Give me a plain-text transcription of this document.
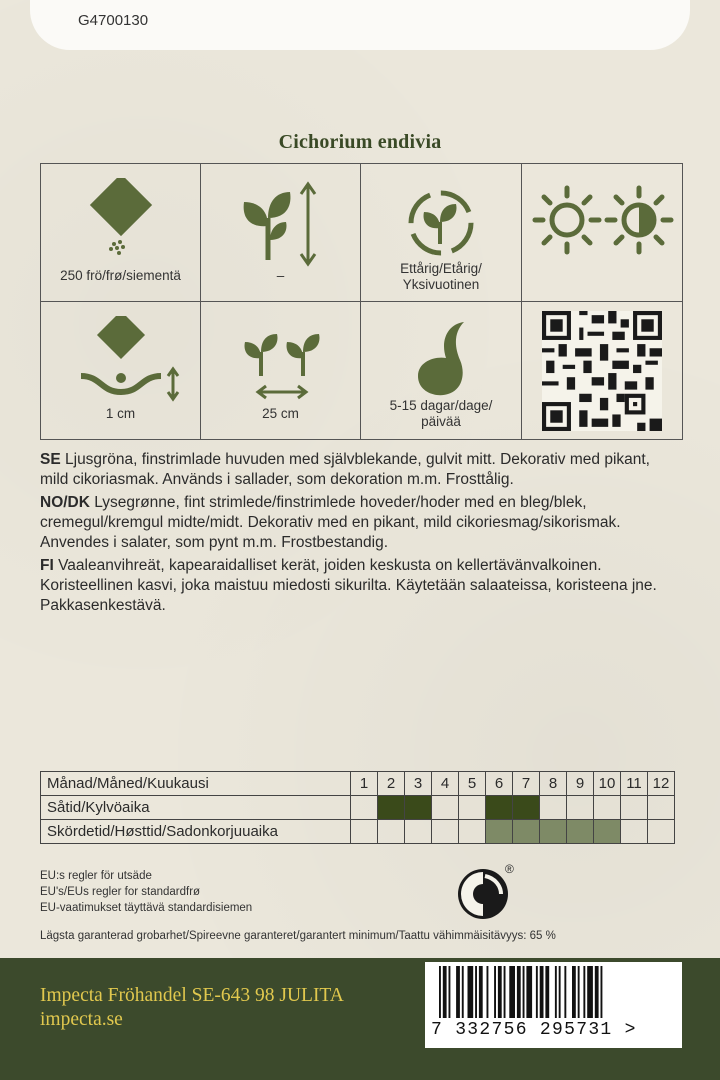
G4700130
Cichorium endivia
250 frö/frø/siementä	–	Ettårig/Etårig/ Yksivuotinen
1 cm	25 cm
5-15 dagar/dage/ päivää

SE Ljusgröna, finstrimlade huvuden med självblekande, gulvit mitt. Dekorativ med pikant, mild cikoriasmak. Används i sallader, som dekoration m.m. Frosttålig.

NO/DK Lysegrønne, fint strimlede/finstrimlede hoveder/hoder med en bleg/blek, cremegul/kremgul midte/midt. Dekorativ med en pikant, mild cikoriesmag/sikorismak. Anvendes i salater, som pynt m.m. Frostbestandig.

FI Vaaleanvihreät, kapearaidalliset kerät, joiden keskusta on kellertävänvalkoinen. Koristeellinen kasvi, joka maistuu miedosti sikurilta. Käytetään salaateissa, koristeena jne. Pakkasenkestävä.

Månad/Måned/Kuukausi	1	2	3	4	5	6	7	8	9	10	11	12
Såtid/Kylvöaika												
Skördetid/Høsttid/Sadonkorjuuaika												
EU:s regler för utsäde
EU's/EUs regler for standardfrø
EU-vaatimukset täyttävä standardisiemen
®
Lägsta garanterad grobarhet/Spireevne garanteret/garantert minimum/Taattu vähimmäisitävyys: 65 %
Impecta Fröhandel SE-643 98 JULITA
impecta.se	7 332756 295731 >
